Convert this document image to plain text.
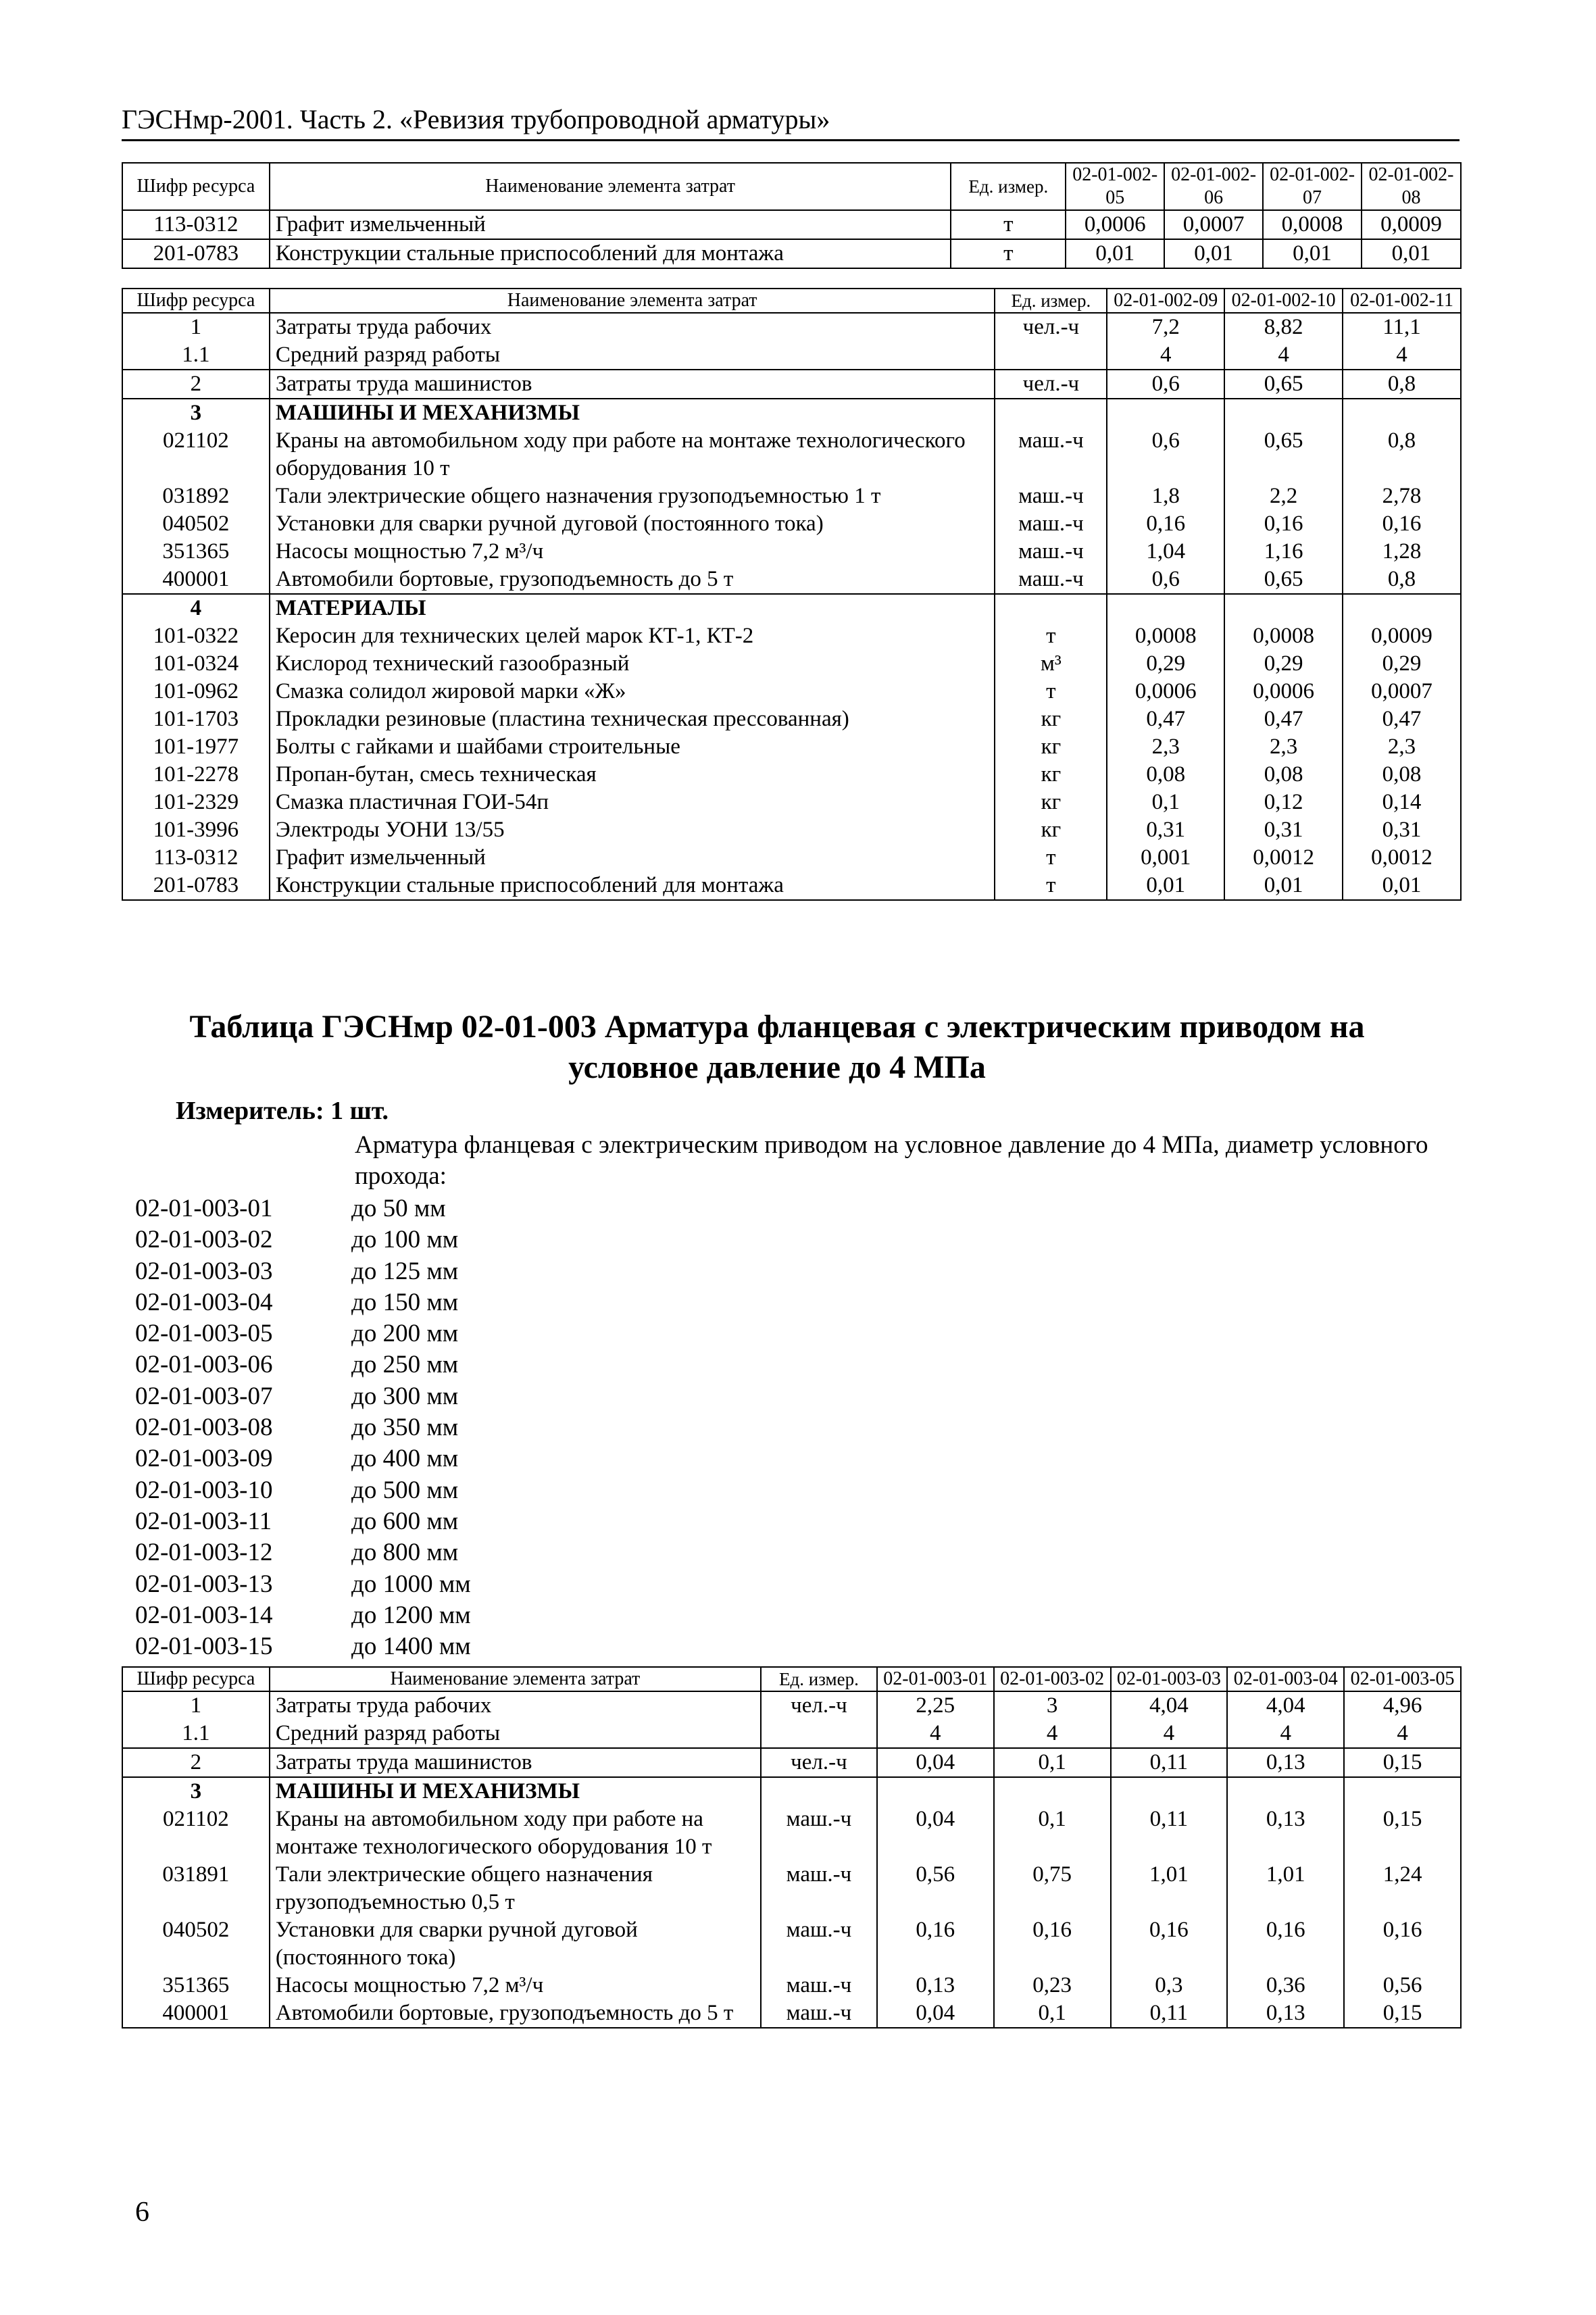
ГЭСНмр-2001. Часть 2. «Ревизия трубопроводной арматуры»
Шифр ресурса	Наименование элемента затрат	Ед. измер.	02-01-002-05	02-01-002-06	02-01-002-07	02-01-002-08
113-0312	Графит измельченный	т	0,0006	0,0007	0,0008	0,0009
201-0783	Конструкции стальные приспособлений для монтажа	т	0,01	0,01	0,01	0,01
Шифр ресурса	Наименование элемента затрат	Ед. измер.	02-01-002-09	02-01-002-10	02-01-002-11
1	Затраты труда рабочих	чел.-ч	7,2	8,82	11,1
1.1	Средний разряд работы		4	4	4
2	Затраты труда машинистов	чел.-ч	0,6	0,65	0,8
3	МАШИНЫ И МЕХАНИЗМЫ				
021102	Краны на автомобильном ходу при работе на монтаже технологического оборудования 10 т	маш.-ч	0,6	0,65	0,8
031892	Тали электрические общего назначения грузоподъемностью 1 т	маш.-ч	1,8	2,2	2,78
040502	Установки для сварки ручной дуговой (постоянного тока)	маш.-ч	0,16	0,16	0,16
351365	Насосы мощностью 7,2 м³/ч	маш.-ч	1,04	1,16	1,28
400001	Автомобили бортовые, грузоподъемность до 5 т	маш.-ч	0,6	0,65	0,8
4	МАТЕРИАЛЫ				
101-0322	Керосин для технических целей марок КТ-1, КТ-2	т	0,0008	0,0008	0,0009
101-0324	Кислород технический газообразный	м³	0,29	0,29	0,29
101-0962	Смазка солидол жировой марки «Ж»	т	0,0006	0,0006	0,0007
101-1703	Прокладки резиновые (пластина техническая прессованная)	кг	0,47	0,47	0,47
101-1977	Болты с гайками и шайбами строительные	кг	2,3	2,3	2,3
101-2278	Пропан-бутан, смесь техническая	кг	0,08	0,08	0,08
101-2329	Смазка пластичная ГОИ-54п	кг	0,1	0,12	0,14
101-3996	Электроды УОНИ 13/55	кг	0,31	0,31	0,31
113-0312	Графит измельченный	т	0,001	0,0012	0,0012
201-0783	Конструкции стальные приспособлений для монтажа	т	0,01	0,01	0,01
Таблица ГЭСНмр 02-01-003 Арматура фланцевая с электрическим приводом на
условное давление до 4 МПа
Измеритель: 1 шт.
Арматура фланцевая с электрическим приводом на условное давление до 4 МПа, диаметр условного прохода:
02-01-003-01	до 50 мм
02-01-003-02	до 100 мм
02-01-003-03	до 125 мм
02-01-003-04	до 150 мм
02-01-003-05	до 200 мм
02-01-003-06	до 250 мм
02-01-003-07	до 300 мм
02-01-003-08	до 350 мм
02-01-003-09	до 400 мм
02-01-003-10	до 500 мм
02-01-003-11	до 600 мм
02-01-003-12	до 800 мм
02-01-003-13	до 1000 мм
02-01-003-14	до 1200 мм
02-01-003-15	до 1400 мм
Шифр ресурса	Наименование элемента затрат	Ед. измер.	02-01-003-01	02-01-003-02	02-01-003-03	02-01-003-04	02-01-003-05
1	Затраты труда рабочих	чел.-ч	2,25	3	4,04	4,04	4,96
1.1	Средний разряд работы		4	4	4	4	4
2	Затраты труда машинистов	чел.-ч	0,04	0,1	0,11	0,13	0,15
3	МАШИНЫ И МЕХАНИЗМЫ						
021102	Краны на автомобильном ходу при работе на монтаже технологического оборудования 10 т	маш.-ч	0,04	0,1	0,11	0,13	0,15
031891	Тали электрические общего назначения грузоподъемностью 0,5 т	маш.-ч	0,56	0,75	1,01	1,01	1,24
040502	Установки для сварки ручной дуговой (постоянного тока)	маш.-ч	0,16	0,16	0,16	0,16	0,16
351365	Насосы мощностью 7,2 м³/ч	маш.-ч	0,13	0,23	0,3	0,36	0,56
400001	Автомобили бортовые, грузоподъемность до 5 т	маш.-ч	0,04	0,1	0,11	0,13	0,15
6
